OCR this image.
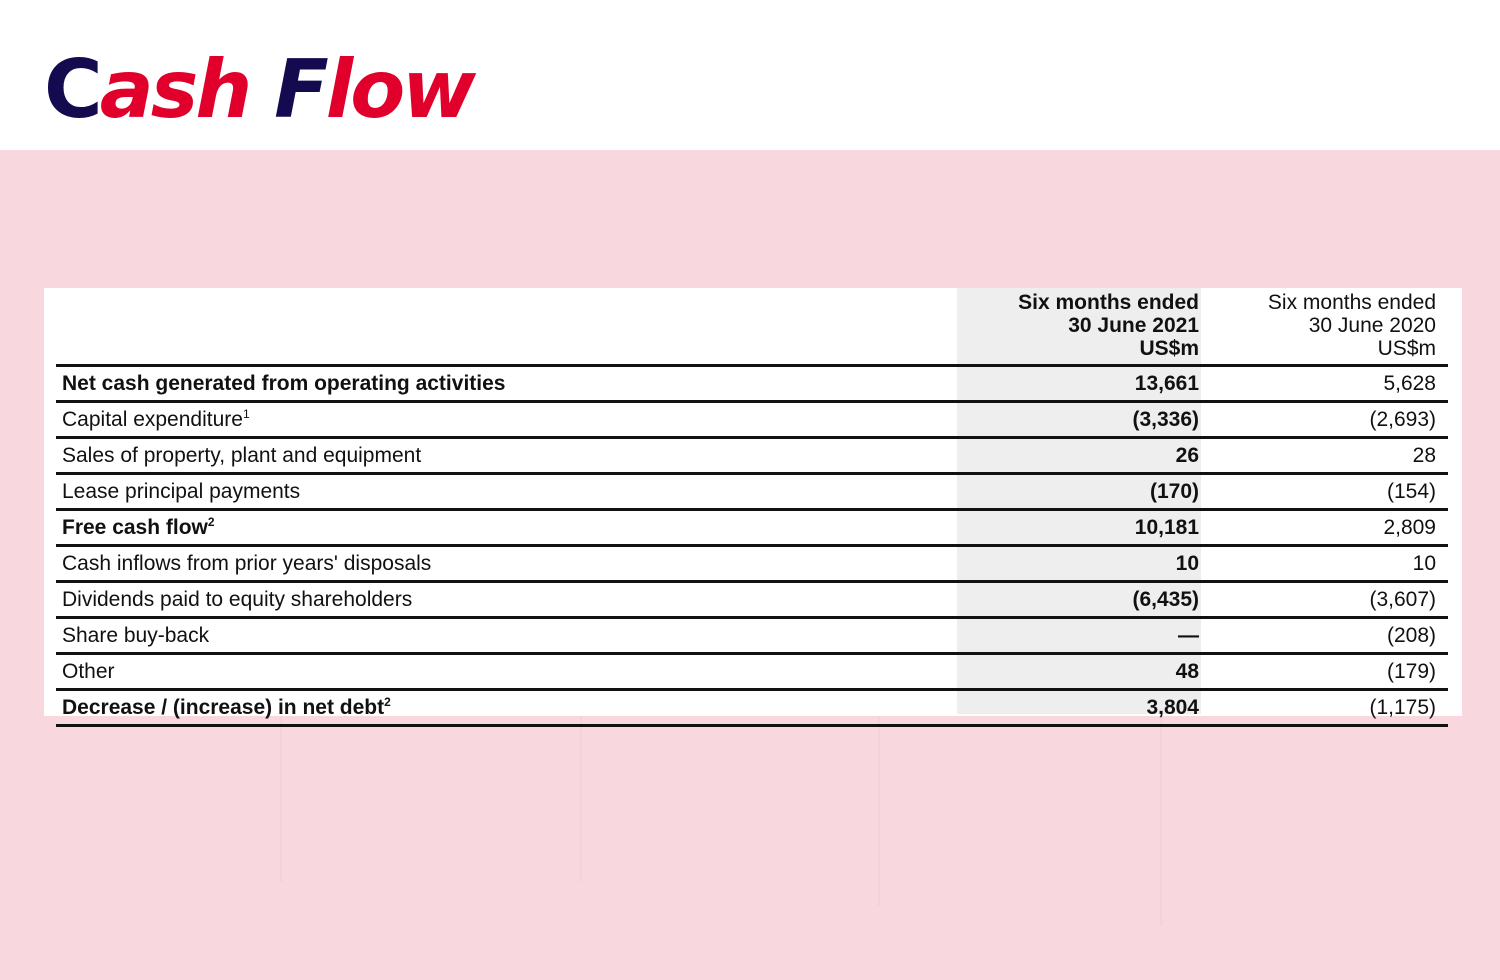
Cash Flow

Six months ended
30 June 2021
US$m

Six months ended
30 June 2020
US$m

Net cash generated from operating activities	13,661	5,628
Capital expenditure$^1$	(3,336)	(2,693)
Sales of property, plant and equipment	26	28
Lease principal payments	(170)	(154)
Free cash flow$^2$	10,181	2,809
Cash inflows from prior years' disposals	10	10
Dividends paid to equity shareholders	(6,435)	(3,607)
Share buy-back	—	(208)
Other	48	(179)
Decrease / (increase) in net debt$^2$	3,804	(1,175)
